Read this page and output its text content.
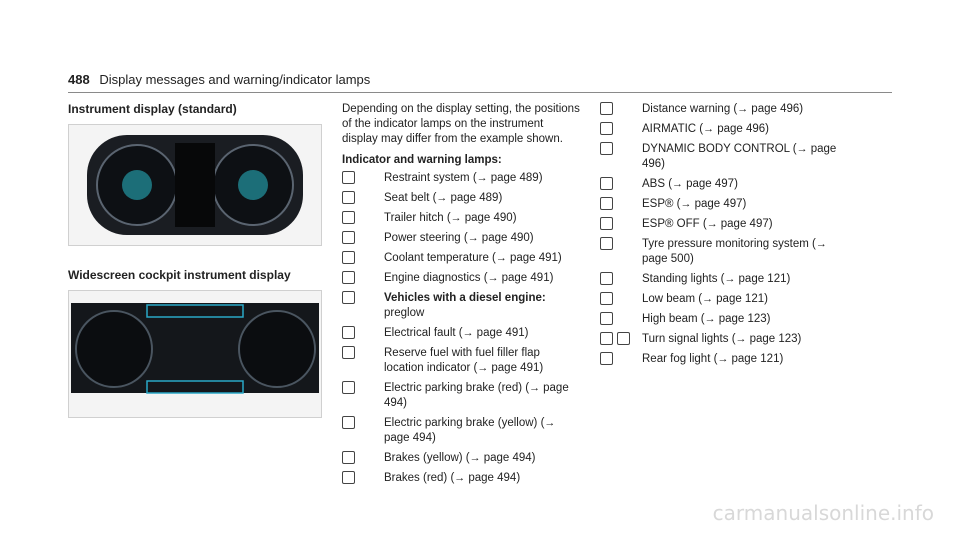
488 Display messages and warning/indicator lamps
Instrument display (standard)
Widescreen cockpit instrument display

Depending on the display setting, the positions of the indicator lamps on the instrument display may differ from the example shown.

Indicator and warning lamps:

Restraint system (→ page 489)
Seat belt (→ page 489)
Trailer hitch (→ page 490)
Power steering (→ page 490)
Coolant temperature (→ page 491)
Engine diagnostics (→ page 491)
Vehicles with a diesel engine: preglow
Electrical fault (→ page 491)
Reserve fuel with fuel filler flap location indicator (→ page 491)
Electric parking brake (red) (→ page 494)
Electric parking brake (yellow) (→ page 494)
Brakes (yellow) (→ page 494)
Brakes (red) (→ page 494)
Distance warning (→ page 496)
AIRMATIC (→ page 496)
DYNAMIC BODY CONTROL (→ page 496)
ABS (→ page 497)
ESP® (→ page 497)
ESP® OFF (→ page 497)
Tyre pressure monitoring system (→ page 500)
Standing lights (→ page 121)
Low beam (→ page 121)
High beam (→ page 123)
Turn signal lights (→ page 123)
Rear fog light (→ page 121)
carmanualsonline.info
